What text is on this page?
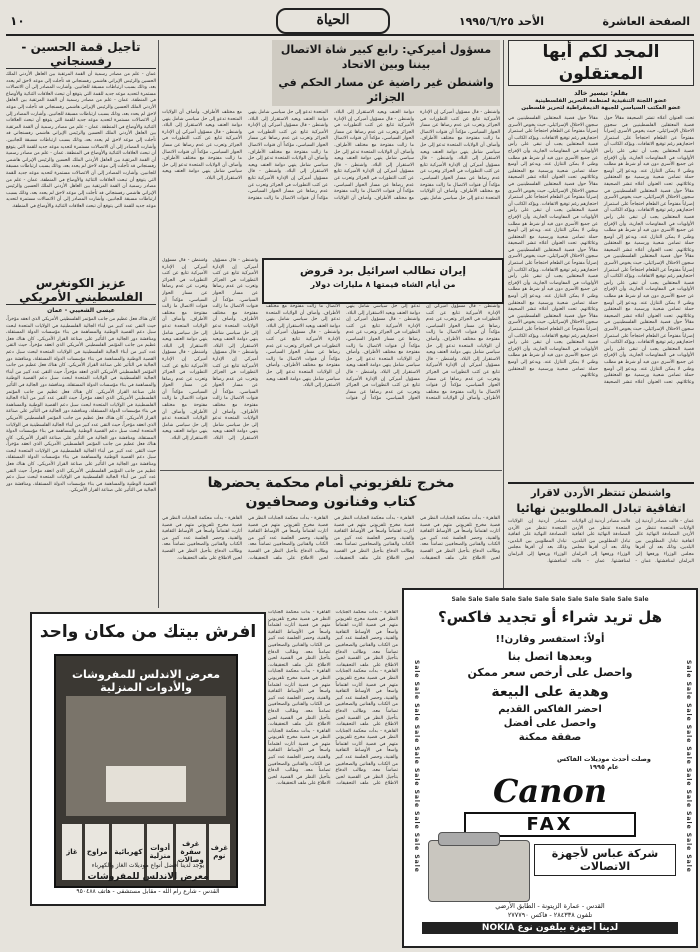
الصفحة العاشرة
الأحد ١٩٩٥/٦/٢٥
الحياة
١٠
المجد لكم أيها المعتقلون
بقلم: تيسير خالد
عضو اللجنة التنفيذية لمنظمة التحرير الفلسطينية
عضو المكتب السياسي للجبهة الديمقراطية لتحرير فلسطين
تحت العنوان أعلاه تنشر الصحيفة مقالاً حول قضية المعتقلين الفلسطينيين في سجون الاحتلال الإسرائيلي، حيث يخوض الأسرى إضراباً مفتوحاً عن الطعام احتجاجاً على استمرار احتجازهم رغم توقيع الاتفاقات. ويؤكد الكاتب أن قضية المعتقلين يجب أن تبقى على رأس الأولويات في المفاوضات الجارية، وأن الإفراج عن جميع الأسرى دون قيد أو شرط هو مطلب وطني لا يمكن التنازل عنه. ويدعو إلى أوسع حملة تضامن شعبية ورسمية مع المعتقلين وعائلاتهم. تحت العنوان أعلاه تنشر الصحيفة مقالاً حول قضية المعتقلين الفلسطينيين في سجون الاحتلال الإسرائيلي، حيث يخوض الأسرى إضراباً مفتوحاً عن الطعام احتجاجاً على استمرار احتجازهم رغم توقيع الاتفاقات. ويؤكد الكاتب أن قضية المعتقلين يجب أن تبقى على رأس الأولويات في المفاوضات الجارية، وأن الإفراج عن جميع الأسرى دون قيد أو شرط هو مطلب وطني لا يمكن التنازل عنه. ويدعو إلى أوسع حملة تضامن شعبية ورسمية مع المعتقلين وعائلاتهم. تحت العنوان أعلاه تنشر الصحيفة مقالاً حول قضية المعتقلين الفلسطينيين في سجون الاحتلال الإسرائيلي، حيث يخوض الأسرى إضراباً مفتوحاً عن الطعام احتجاجاً على استمرار احتجازهم رغم توقيع الاتفاقات. ويؤكد الكاتب أن قضية المعتقلين يجب أن تبقى على رأس الأولويات في المفاوضات الجارية، وأن الإفراج عن جميع الأسرى دون قيد أو شرط هو مطلب وطني لا يمكن التنازل عنه. ويدعو إلى أوسع حملة تضامن شعبية ورسمية مع المعتقلين وعائلاتهم. تحت العنوان أعلاه تنشر الصحيفة مقالاً حول قضية المعتقلين الفلسطينيين في سجون الاحتلال الإسرائيلي، حيث يخوض الأسرى إضراباً مفتوحاً عن الطعام احتجاجاً على استمرار احتجازهم رغم توقيع الاتفاقات. ويؤكد الكاتب أن قضية المعتقلين يجب أن تبقى على رأس الأولويات في المفاوضات الجارية، وأن الإفراج عن جميع الأسرى دون قيد أو شرط هو مطلب وطني لا يمكن التنازل عنه. ويدعو إلى أوسع حملة تضامن شعبية ورسمية مع المعتقلين وعائلاتهم. تحت العنوان أعلاه تنشر الصحيفة مقالاً حول قضية المعتقلين الفلسطينيين في سجون الاحتلال الإسرائيلي، حيث يخوض الأسرى إضراباً مفتوحاً عن الطعام احتجاجاً على استمرار احتجازهم رغم توقيع الاتفاقات. ويؤكد الكاتب أن قضية المعتقلين يجب أن تبقى على رأس الأولويات في المفاوضات الجارية، وأن الإفراج عن جميع الأسرى دون قيد أو شرط هو مطلب وطني لا يمكن التنازل عنه. ويدعو إلى أوسع حملة تضامن شعبية ورسمية مع المعتقلين وعائلاتهم. تحت العنوان أعلاه تنشر الصحيفة مقالاً حول قضية المعتقلين الفلسطينيين في سجون الاحتلال الإسرائيلي، حيث يخوض الأسرى إضراباً مفتوحاً عن الطعام احتجاجاً على استمرار احتجازهم رغم توقيع الاتفاقات. ويؤكد الكاتب أن قضية المعتقلين يجب أن تبقى على رأس الأولويات في المفاوضات الجارية، وأن الإفراج عن جميع الأسرى دون قيد أو شرط هو مطلب وطني لا يمكن التنازل عنه. ويدعو إلى أوسع حملة تضامن شعبية ورسمية مع المعتقلين وعائلاتهم. تحت العنوان أعلاه تنشر الصحيفة مقالاً حول قضية المعتقلين الفلسطينيين في سجون الاحتلال الإسرائيلي، حيث يخوض الأسرى إضراباً مفتوحاً عن الطعام احتجاجاً على استمرار احتجازهم رغم توقيع الاتفاقات. ويؤكد الكاتب أن قضية المعتقلين يجب أن تبقى على رأس الأولويات في المفاوضات الجارية، وأن الإفراج عن جميع الأسرى دون قيد أو شرط هو مطلب وطني لا يمكن التنازل عنه. ويدعو إلى أوسع حملة تضامن شعبية ورسمية مع المعتقلين وعائلاتهم. تحت العنوان أعلاه تنشر الصحيفة مقالاً حول قضية المعتقلين الفلسطينيين في سجون الاحتلال الإسرائيلي، حيث يخوض الأسرى إضراباً مفتوحاً عن الطعام احتجاجاً على استمرار احتجازهم رغم توقيع الاتفاقات. ويؤكد الكاتب أن قضية المعتقلين يجب أن تبقى على رأس الأولويات في المفاوضات الجارية، وأن الإفراج عن جميع الأسرى دون قيد أو شرط هو مطلب وطني لا يمكن التنازل عنه. ويدعو إلى أوسع حملة تضامن شعبية ورسمية مع المعتقلين وعائلاتهم.
واشنطن تنتظر الأردن لاقرار
اتفاقية تبادل المطلوبين نهائيا
عمان - قالت مصادر أردنية إن الولايات المتحدة تنتظر من الأردن المصادقة النهائية على اتفاقية تبادل المطلوبين بين البلدين، وذلك بعد أن أقرها مجلس الوزراء ورفعها إلى البرلمان لمناقشتها. عمان - قالت مصادر أردنية إن الولايات المتحدة تنتظر من الأردن المصادقة النهائية على اتفاقية تبادل المطلوبين بين البلدين، وذلك بعد أن أقرها مجلس الوزراء ورفعها إلى البرلمان لمناقشتها. عمان - قالت مصادر أردنية إن الولايات المتحدة تنتظر من الأردن المصادقة النهائية على اتفاقية تبادل المطلوبين بين البلدين، وذلك بعد أن أقرها مجلس الوزراء ورفعها إلى البرلمان لمناقشتها.
مسؤول أميركي: رابع كبير شاة الاتصال بيننا وبين الاتحاد
واشنطن غير راضية عن مسار الحكم في الجزائر
واشنطن - قال مسؤول أميركي إن الإدارة الأميركية تتابع عن كثب التطورات في الجزائر وتعرب عن عدم رضاها عن مسار الحوار السياسي، مؤكداً أن قنوات الاتصال ما زالت مفتوحة مع مختلف الأطراف. وأضاف أن الولايات المتحدة تدعو إلى حل سياسي شامل ينهي دوامة العنف ويعيد الاستقرار إلى البلاد. واشنطن - قال مسؤول أميركي إن الإدارة الأميركية تتابع عن كثب التطورات في الجزائر وتعرب عن عدم رضاها عن مسار الحوار السياسي، مؤكداً أن قنوات الاتصال ما زالت مفتوحة مع مختلف الأطراف. وأضاف أن الولايات المتحدة تدعو إلى حل سياسي شامل ينهي دوامة العنف ويعيد الاستقرار إلى البلاد. واشنطن - قال مسؤول أميركي إن الإدارة الأميركية تتابع عن كثب التطورات في الجزائر وتعرب عن عدم رضاها عن مسار الحوار السياسي، مؤكداً أن قنوات الاتصال ما زالت مفتوحة مع مختلف الأطراف. وأضاف أن الولايات المتحدة تدعو إلى حل سياسي شامل ينهي دوامة العنف ويعيد الاستقرار إلى البلاد. واشنطن - قال مسؤول أميركي إن الإدارة الأميركية تتابع عن كثب التطورات في الجزائر وتعرب عن عدم رضاها عن مسار الحوار السياسي، مؤكداً أن قنوات الاتصال ما زالت مفتوحة مع مختلف الأطراف. وأضاف أن الولايات المتحدة تدعو إلى حل سياسي شامل ينهي دوامة العنف ويعيد الاستقرار إلى البلاد. واشنطن - قال مسؤول أميركي إن الإدارة الأميركية تتابع عن كثب التطورات في الجزائر وتعرب عن عدم رضاها عن مسار الحوار السياسي، مؤكداً أن قنوات الاتصال ما زالت مفتوحة مع مختلف الأطراف. وأضاف أن الولايات المتحدة تدعو إلى حل سياسي شامل ينهي دوامة العنف ويعيد الاستقرار إلى البلاد. واشنطن - قال مسؤول أميركي إن الإدارة الأميركية تتابع عن كثب التطورات في الجزائر وتعرب عن عدم رضاها عن مسار الحوار السياسي، مؤكداً أن قنوات الاتصال ما زالت مفتوحة مع مختلف الأطراف. وأضاف أن الولايات المتحدة تدعو إلى حل سياسي شامل ينهي دوامة العنف ويعيد الاستقرار إلى البلاد. واشنطن - قال مسؤول أميركي إن الإدارة الأميركية تتابع عن كثب التطورات في الجزائر وتعرب عن عدم رضاها عن مسار الحوار السياسي، مؤكداً أن قنوات الاتصال ما زالت مفتوحة مع مختلف الأطراف. وأضاف أن الولايات المتحدة تدعو إلى حل سياسي شامل ينهي دوامة العنف ويعيد الاستقرار إلى البلاد.
إيران تطالب اسرائيل برد قروض
من أيام الشاه قيمتها ٨ مليارات دولار
واشنطن - قال مسؤول أميركي إن الإدارة الأميركية تتابع عن كثب التطورات في الجزائر وتعرب عن عدم رضاها عن مسار الحوار السياسي، مؤكداً أن قنوات الاتصال ما زالت مفتوحة مع مختلف الأطراف. وأضاف أن الولايات المتحدة تدعو إلى حل سياسي شامل ينهي دوامة العنف ويعيد الاستقرار إلى البلاد. واشنطن - قال مسؤول أميركي إن الإدارة الأميركية تتابع عن كثب التطورات في الجزائر وتعرب عن عدم رضاها عن مسار الحوار السياسي، مؤكداً أن قنوات الاتصال ما زالت مفتوحة مع مختلف الأطراف. وأضاف أن الولايات المتحدة تدعو إلى حل سياسي شامل ينهي دوامة العنف ويعيد الاستقرار إلى البلاد. واشنطن - قال مسؤول أميركي إن الإدارة الأميركية تتابع عن كثب التطورات في الجزائر وتعرب عن عدم رضاها عن مسار الحوار السياسي، مؤكداً أن قنوات الاتصال ما زالت مفتوحة مع مختلف الأطراف. وأضاف أن الولايات المتحدة تدعو إلى حل سياسي شامل ينهي دوامة العنف ويعيد الاستقرار إلى البلاد. واشنطن - قال مسؤول أميركي إن الإدارة الأميركية تتابع عن كثب التطورات في الجزائر وتعرب عن عدم رضاها عن مسار الحوار السياسي، مؤكداً أن قنوات الاتصال ما زالت مفتوحة مع مختلف الأطراف. وأضاف أن الولايات المتحدة تدعو إلى حل سياسي شامل ينهي دوامة العنف ويعيد الاستقرار إلى البلاد. واشنطن - قال مسؤول أميركي إن الإدارة الأميركية تتابع عن كثب التطورات في الجزائر وتعرب عن عدم رضاها عن مسار الحوار السياسي، مؤكداً أن قنوات الاتصال ما زالت مفتوحة مع مختلف الأطراف. وأضاف أن الولايات المتحدة تدعو إلى حل سياسي شامل ينهي دوامة العنف ويعيد الاستقرار إلى البلاد.
واشنطن - قال مسؤول أميركي إن الإدارة الأميركية تتابع عن كثب التطورات في الجزائر وتعرب عن عدم رضاها عن مسار الحوار السياسي، مؤكداً أن قنوات الاتصال ما زالت مفتوحة مع مختلف الأطراف. وأضاف أن الولايات المتحدة تدعو إلى حل سياسي شامل ينهي دوامة العنف ويعيد الاستقرار إلى البلاد. واشنطن - قال مسؤول أميركي إن الإدارة الأميركية تتابع عن كثب التطورات في الجزائر وتعرب عن عدم رضاها عن مسار الحوار السياسي، مؤكداً أن قنوات الاتصال ما زالت مفتوحة مع مختلف الأطراف. وأضاف أن الولايات المتحدة تدعو إلى حل سياسي شامل ينهي دوامة العنف ويعيد الاستقرار إلى البلاد. واشنطن - قال مسؤول أميركي إن الإدارة الأميركية تتابع عن كثب التطورات في الجزائر وتعرب عن عدم رضاها عن مسار الحوار السياسي، مؤكداً أن قنوات الاتصال ما زالت مفتوحة مع مختلف الأطراف. وأضاف أن الولايات المتحدة تدعو إلى حل سياسي شامل ينهي دوامة العنف ويعيد الاستقرار إلى البلاد. واشنطن - قال مسؤول أميركي إن الإدارة الأميركية تتابع عن كثب التطورات في الجزائر وتعرب عن عدم رضاها عن مسار الحوار السياسي، مؤكداً أن قنوات الاتصال ما زالت مفتوحة مع مختلف الأطراف. وأضاف أن الولايات المتحدة تدعو إلى حل سياسي شامل ينهي دوامة العنف ويعيد الاستقرار إلى البلاد.
مخرج تلفزيوني أمام محكمة يحضرها
كتاب وفنانون وصحافيون
القاهرة - بدأت محكمة الجنايات النظر في قضية مخرج تلفزيوني متهم في قضية أثارت اهتماماً واسعاً في الأوساط الثقافية والفنية، وحضر الجلسة عدد كبير من الكتاب والفنانين والصحافيين تضامناً معه. وطالب الدفاع بتأجيل النظر في القضية لحين الاطلاع على ملف التحقيقات. القاهرة - بدأت محكمة الجنايات النظر في قضية مخرج تلفزيوني متهم في قضية أثارت اهتماماً واسعاً في الأوساط الثقافية والفنية، وحضر الجلسة عدد كبير من الكتاب والفنانين والصحافيين تضامناً معه. وطالب الدفاع بتأجيل النظر في القضية لحين الاطلاع على ملف التحقيقات. القاهرة - بدأت محكمة الجنايات النظر في قضية مخرج تلفزيوني متهم في قضية أثارت اهتماماً واسعاً في الأوساط الثقافية والفنية، وحضر الجلسة عدد كبير من الكتاب والفنانين والصحافيين تضامناً معه. وطالب الدفاع بتأجيل النظر في القضية لحين الاطلاع على ملف التحقيقات. القاهرة - بدأت محكمة الجنايات النظر في قضية مخرج تلفزيوني متهم في قضية أثارت اهتماماً واسعاً في الأوساط الثقافية والفنية، وحضر الجلسة عدد كبير من الكتاب والفنانين والصحافيين تضامناً معه. وطالب الدفاع بتأجيل النظر في القضية لحين الاطلاع على ملف التحقيقات.
تأجيل قمة الحسين - رفسنجاني
عمان - علم من مصادر رسمية أن القمة المرتقبة بين العاهل الأردني الملك الحسين والرئيس الإيراني هاشمي رفسنجاني قد تأجلت إلى موعد لاحق لم يحدد بعد، وذلك بسبب ارتباطات مسبقة للجانبين. وأشارت المصادر إلى أن الاتصالات مستمرة لتحديد موعد جديد للقمة التي يتوقع أن تبحث العلاقات الثنائية والأوضاع في المنطقة. عمان - علم من مصادر رسمية أن القمة المرتقبة بين العاهل الأردني الملك الحسين والرئيس الإيراني هاشمي رفسنجاني قد تأجلت إلى موعد لاحق لم يحدد بعد، وذلك بسبب ارتباطات مسبقة للجانبين. وأشارت المصادر إلى أن الاتصالات مستمرة لتحديد موعد جديد للقمة التي يتوقع أن تبحث العلاقات الثنائية والأوضاع في المنطقة. عمان - علم من مصادر رسمية أن القمة المرتقبة بين العاهل الأردني الملك الحسين والرئيس الإيراني هاشمي رفسنجاني قد تأجلت إلى موعد لاحق لم يحدد بعد، وذلك بسبب ارتباطات مسبقة للجانبين. وأشارت المصادر إلى أن الاتصالات مستمرة لتحديد موعد جديد للقمة التي يتوقع أن تبحث العلاقات الثنائية والأوضاع في المنطقة. عمان - علم من مصادر رسمية أن القمة المرتقبة بين العاهل الأردني الملك الحسين والرئيس الإيراني هاشمي رفسنجاني قد تأجلت إلى موعد لاحق لم يحدد بعد، وذلك بسبب ارتباطات مسبقة للجانبين. وأشارت المصادر إلى أن الاتصالات مستمرة لتحديد موعد جديد للقمة التي يتوقع أن تبحث العلاقات الثنائية والأوضاع في المنطقة. عمان - علم من مصادر رسمية أن القمة المرتقبة بين العاهل الأردني الملك الحسين والرئيس الإيراني هاشمي رفسنجاني قد تأجلت إلى موعد لاحق لم يحدد بعد، وذلك بسبب ارتباطات مسبقة للجانبين. وأشارت المصادر إلى أن الاتصالات مستمرة لتحديد موعد جديد للقمة التي يتوقع أن تبحث العلاقات الثنائية والأوضاع في المنطقة.
عزيز الكونغرس الفلسطيني الأمريكي
عيسى الشعيبي - عمان
كان هناك فعل عظيم من جانب المؤتمر الفلسطيني الأمريكي الذي انعقد مؤخراً، حيث التقى عدد كبير من أبناء الجالية الفلسطينية في الولايات المتحدة لبحث سبل دعم القضية الوطنية والمساهمة في بناء مؤسسات الدولة المستقلة، ومناقشة دور الجالية في التأثير على صناعة القرار الأمريكي. كان هناك فعل عظيم من جانب المؤتمر الفلسطيني الأمريكي الذي انعقد مؤخراً، حيث التقى عدد كبير من أبناء الجالية الفلسطينية في الولايات المتحدة لبحث سبل دعم القضية الوطنية والمساهمة في بناء مؤسسات الدولة المستقلة، ومناقشة دور الجالية في التأثير على صناعة القرار الأمريكي. كان هناك فعل عظيم من جانب المؤتمر الفلسطيني الأمريكي الذي انعقد مؤخراً، حيث التقى عدد كبير من أبناء الجالية الفلسطينية في الولايات المتحدة لبحث سبل دعم القضية الوطنية والمساهمة في بناء مؤسسات الدولة المستقلة، ومناقشة دور الجالية في التأثير على صناعة القرار الأمريكي. كان هناك فعل عظيم من جانب المؤتمر الفلسطيني الأمريكي الذي انعقد مؤخراً، حيث التقى عدد كبير من أبناء الجالية الفلسطينية في الولايات المتحدة لبحث سبل دعم القضية الوطنية والمساهمة في بناء مؤسسات الدولة المستقلة، ومناقشة دور الجالية في التأثير على صناعة القرار الأمريكي. كان هناك فعل عظيم من جانب المؤتمر الفلسطيني الأمريكي الذي انعقد مؤخراً، حيث التقى عدد كبير من أبناء الجالية الفلسطينية في الولايات المتحدة لبحث سبل دعم القضية الوطنية والمساهمة في بناء مؤسسات الدولة المستقلة، ومناقشة دور الجالية في التأثير على صناعة القرار الأمريكي. كان هناك فعل عظيم من جانب المؤتمر الفلسطيني الأمريكي الذي انعقد مؤخراً، حيث التقى عدد كبير من أبناء الجالية الفلسطينية في الولايات المتحدة لبحث سبل دعم القضية الوطنية والمساهمة في بناء مؤسسات الدولة المستقلة، ومناقشة دور الجالية في التأثير على صناعة القرار الأمريكي. كان هناك فعل عظيم من جانب المؤتمر الفلسطيني الأمريكي الذي انعقد مؤخراً، حيث التقى عدد كبير من أبناء الجالية الفلسطينية في الولايات المتحدة لبحث سبل دعم القضية الوطنية والمساهمة في بناء مؤسسات الدولة المستقلة، ومناقشة دور الجالية في التأثير على صناعة القرار الأمريكي.
القاهرة - بدأت محكمة الجنايات النظر في قضية مخرج تلفزيوني متهم في قضية أثارت اهتماماً واسعاً في الأوساط الثقافية والفنية، وحضر الجلسة عدد كبير من الكتاب والفنانين والصحافيين تضامناً معه. وطالب الدفاع بتأجيل النظر في القضية لحين الاطلاع على ملف التحقيقات. القاهرة - بدأت محكمة الجنايات النظر في قضية مخرج تلفزيوني متهم في قضية أثارت اهتماماً واسعاً في الأوساط الثقافية والفنية، وحضر الجلسة عدد كبير من الكتاب والفنانين والصحافيين تضامناً معه. وطالب الدفاع بتأجيل النظر في القضية لحين الاطلاع على ملف التحقيقات. القاهرة - بدأت محكمة الجنايات النظر في قضية مخرج تلفزيوني متهم في قضية أثارت اهتماماً واسعاً في الأوساط الثقافية والفنية، وحضر الجلسة عدد كبير من الكتاب والفنانين والصحافيين تضامناً معه. وطالب الدفاع بتأجيل النظر في القضية لحين الاطلاع على ملف التحقيقات. القاهرة - بدأت محكمة الجنايات النظر في قضية مخرج تلفزيوني متهم في قضية أثارت اهتماماً واسعاً في الأوساط الثقافية والفنية، وحضر الجلسة عدد كبير من الكتاب والفنانين والصحافيين تضامناً معه. وطالب الدفاع بتأجيل النظر في القضية لحين الاطلاع على ملف التحقيقات. القاهرة - بدأت محكمة الجنايات النظر في قضية مخرج تلفزيوني متهم في قضية أثارت اهتماماً واسعاً في الأوساط الثقافية والفنية، وحضر الجلسة عدد كبير من الكتاب والفنانين والصحافيين تضامناً معه. وطالب الدفاع بتأجيل النظر في القضية لحين الاطلاع على ملف التحقيقات. القاهرة - بدأت محكمة الجنايات النظر في قضية مخرج تلفزيوني متهم في قضية أثارت اهتماماً واسعاً في الأوساط الثقافية والفنية، وحضر الجلسة عدد كبير من الكتاب والفنانين والصحافيين تضامناً معه. وطالب الدفاع بتأجيل النظر في القضية لحين الاطلاع على ملف التحقيقات.
افرش بيتك من مكان واحد
معرض الاندلس للمفروشات والأدوات المنزلية
غرف نوم
غرف سفرة وصالات
أدوات منزلية
كهربائية
مراوح
غاز
يوجد لدينا أفضل أنواع موديلات الغاز والكهرباء
معرض الاندلس للمفروشات
القدس - شارع رام الله - مقابل مستشفى - هاتف ٩٥٠٤٨٨
Sale Sale Sale Sale Sale Sale Sale Sale Sale Sale
Sale Sale Sale Sale Sale Sale Sale Sale Sale Sale
Sale Sale Sale Sale Sale Sale Sale Sale Sale Sale Sale Sale
هل تريد شراء أو تجديد فاكس؟
أولاً: استفسر وقارن!!
وبعدها اتصل بنا
واحصل على أرخص سعر ممكن
وهدية على البيعة
احضر الفاكس القديم
واحصل على أفضل
صفقة ممكنة
وصلت أحدث موديلات الفاكس عام ١٩٩٥
Canon
FAX
شركة عباس لأجهزة الاتصالات
القدس - عمارة الزيتونة - الطابق الأرضي
تلفون ٢٨٤٣٣٨ - فاكس ٢٧٧٧٩٠
لدينا أجهزة بيلفون نوع NOKIA
